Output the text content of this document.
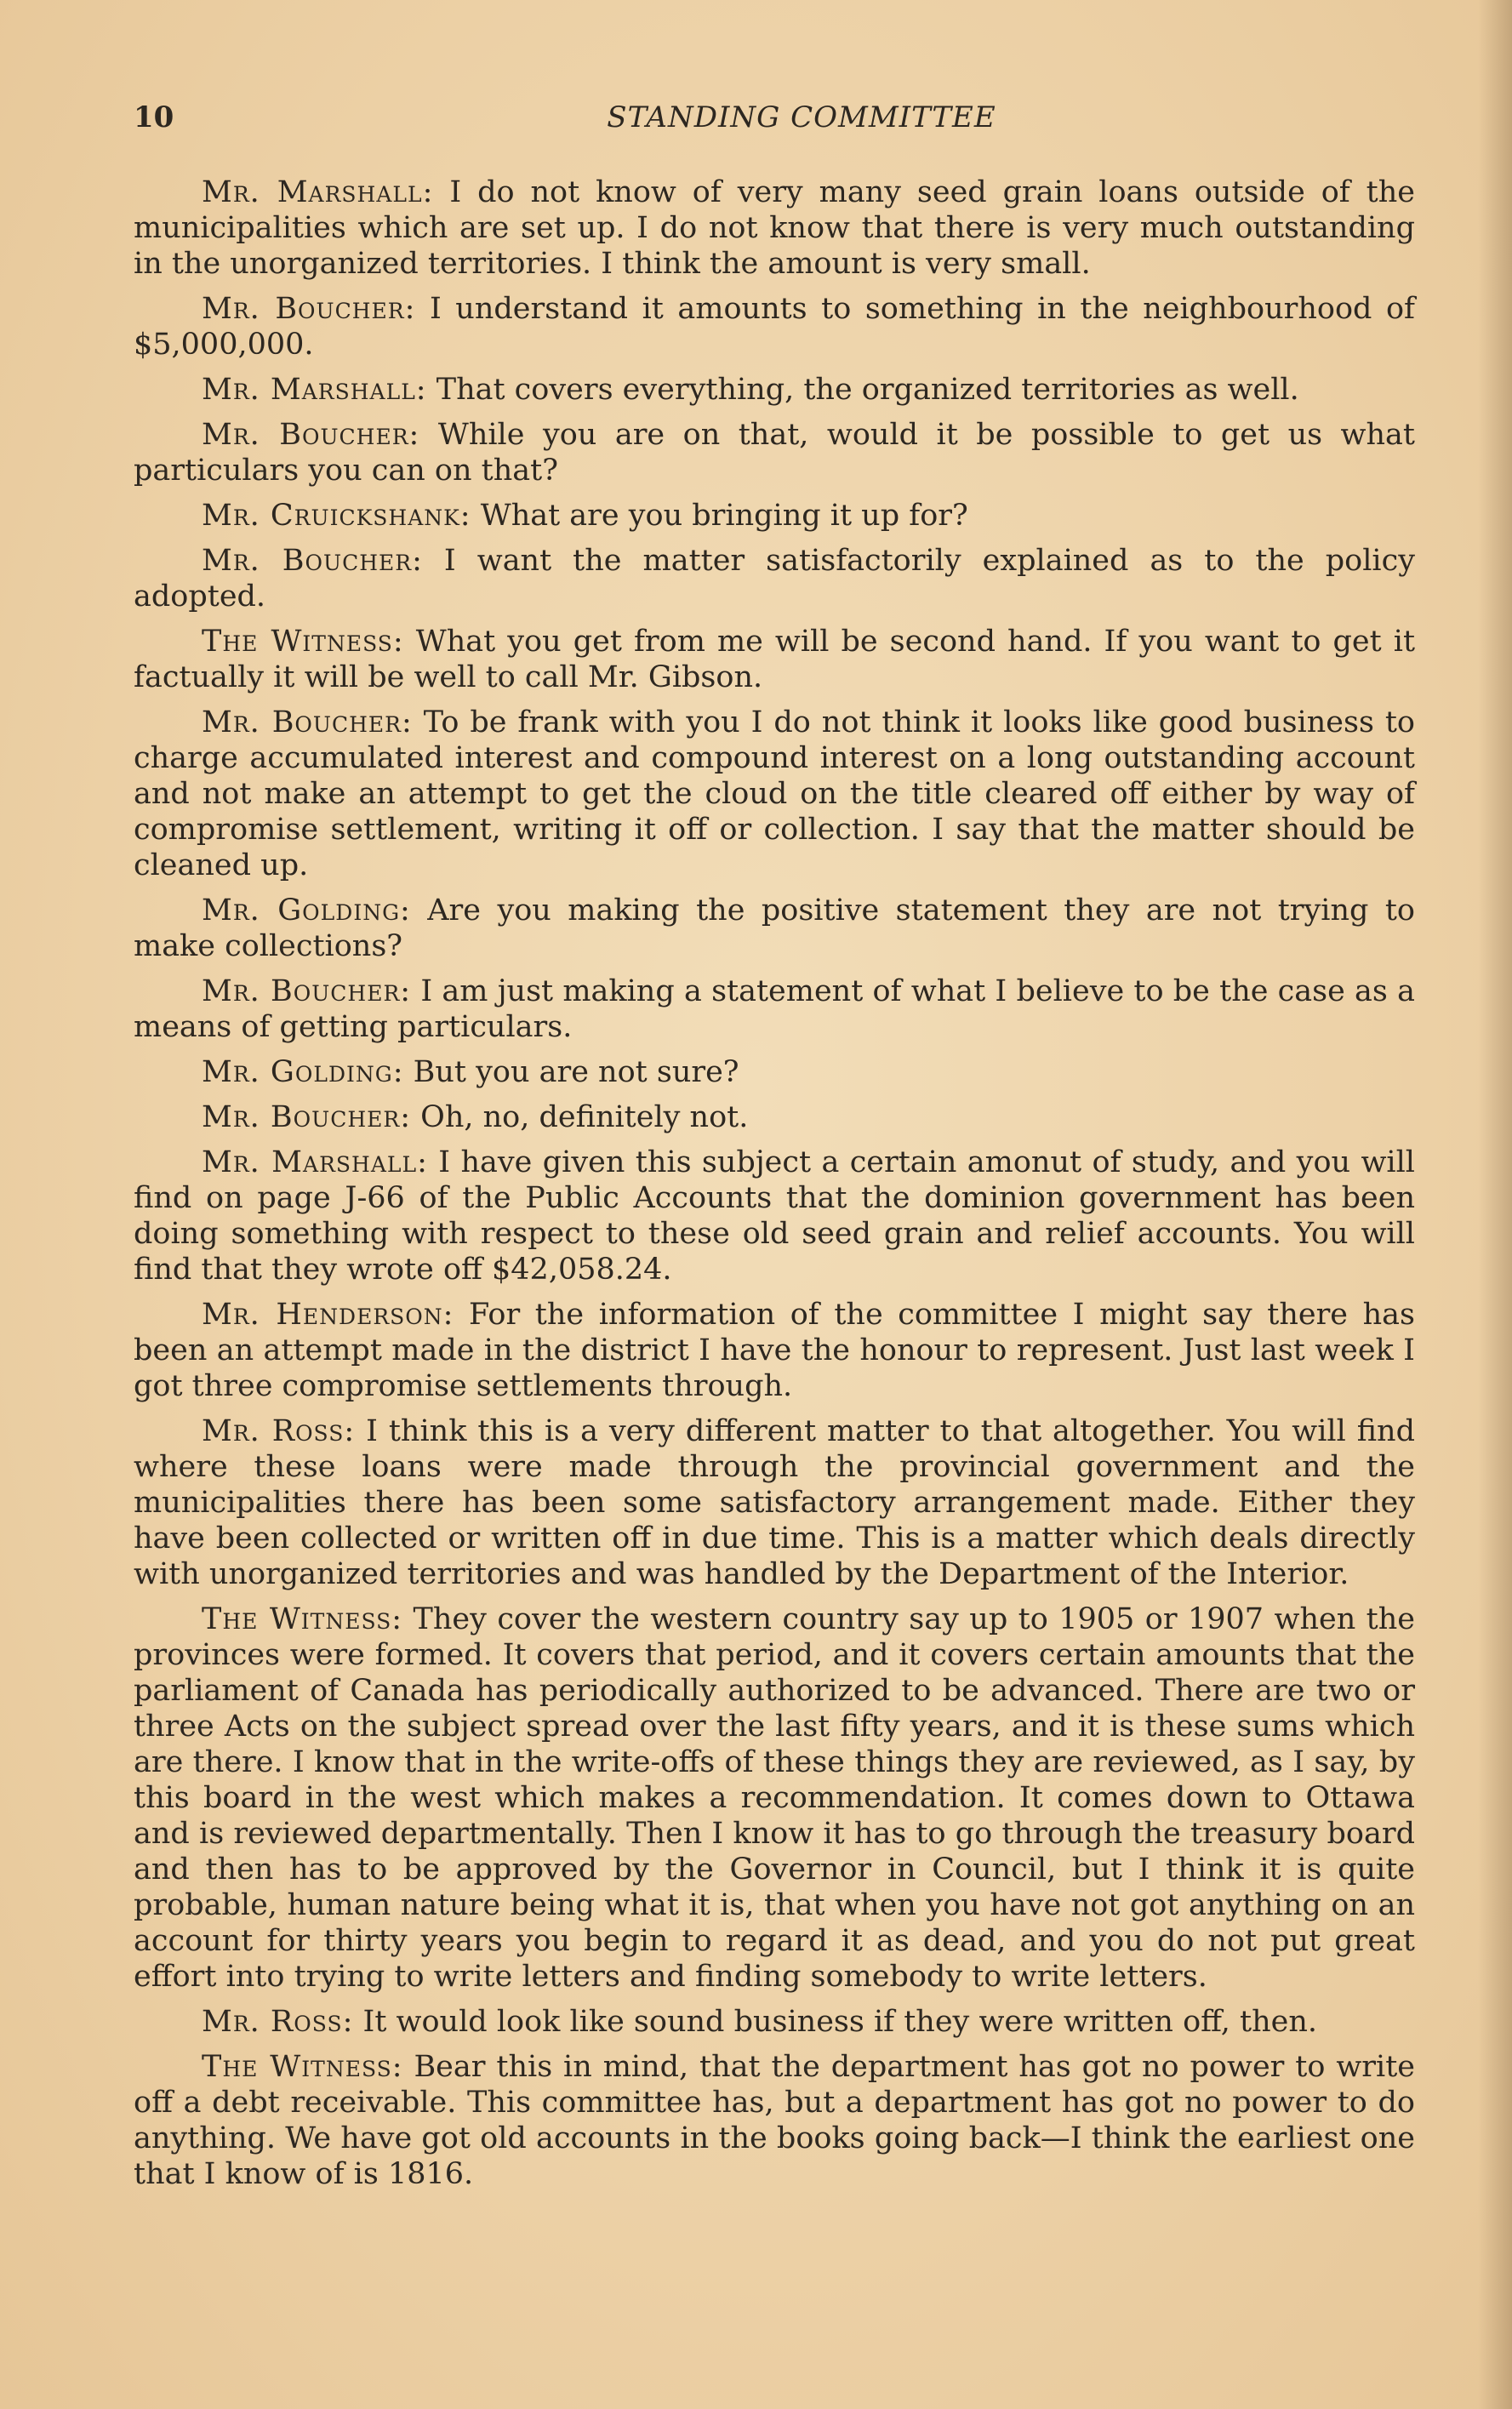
10	STANDING COMMITTEE

Mr. Marshall: I do not know of very many seed grain loans outside of the municipalities which are set up. I do not know that there is very much outstanding in the unorganized territories. I think the amount is very small.

Mr. Boucher: I understand it amounts to something in the neighbourhood of $5,000,000.

Mr. Marshall: That covers everything, the organized territories as well.

Mr. Boucher: While you are on that, would it be possible to get us what particulars you can on that?

Mr. Cruickshank: What are you bringing it up for?

Mr. Boucher: I want the matter satisfactorily explained as to the policy adopted.

The Witness: What you get from me will be second hand. If you want to get it factually it will be well to call Mr. Gibson.

Mr. Boucher: To be frank with you I do not think it looks like good business to charge accumulated interest and compound interest on a long outstanding account and not make an attempt to get the cloud on the title cleared off either by way of compromise settlement, writing it off or collection. I say that the matter should be cleaned up.

Mr. Golding: Are you making the positive statement they are not trying to make collections?

Mr. Boucher: I am just making a statement of what I believe to be the case as a means of getting particulars.

Mr. Golding: But you are not sure?

Mr. Boucher: Oh, no, definitely not.

Mr. Marshall: I have given this subject a certain amonut of study, and you will find on page J-66 of the Public Accounts that the dominion government has been doing something with respect to these old seed grain and relief accounts. You will find that they wrote off $42,058.24.

Mr. Henderson: For the information of the committee I might say there has been an attempt made in the district I have the honour to represent. Just last week I got three compromise settlements through.

Mr. Ross: I think this is a very different matter to that altogether. You will find where these loans were made through the provincial government and the municipalities there has been some satisfactory arrangement made. Either they have been collected or written off in due time. This is a matter which deals directly with unorganized territories and was handled by the Department of the Interior.

The Witness: They cover the western country say up to 1905 or 1907 when the provinces were formed. It covers that period, and it covers certain amounts that the parliament of Canada has periodically authorized to be advanced. There are two or three Acts on the subject spread over the last fifty years, and it is these sums which are there. I know that in the write-offs of these things they are reviewed, as I say, by this board in the west which makes a recommendation. It comes down to Ottawa and is reviewed departmentally. Then I know it has to go through the treasury board and then has to be approved by the Governor in Council, but I think it is quite probable, human nature being what it is, that when you have not got anything on an account for thirty years you begin to regard it as dead, and you do not put great effort into trying to write letters and finding somebody to write letters.

Mr. Ross: It would look like sound business if they were written off, then.

The Witness: Bear this in mind, that the department has got no power to write off a debt receivable. This committee has, but a department has got no power to do anything. We have got old accounts in the books going back—I think the earliest one that I know of is 1816.
